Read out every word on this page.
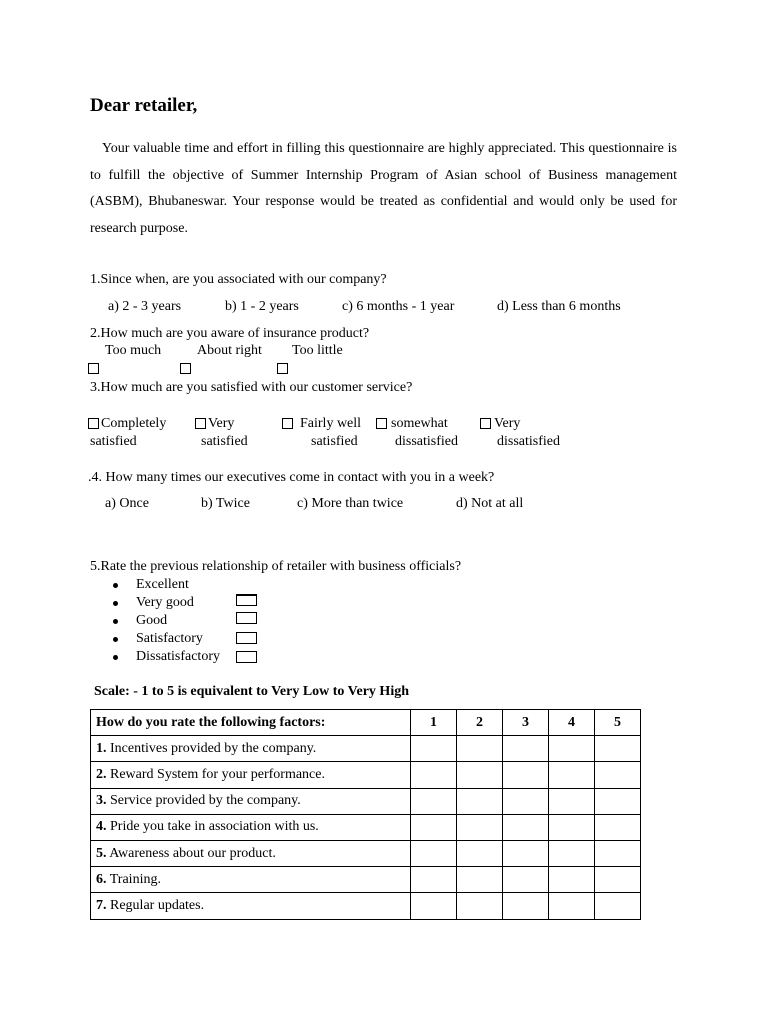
Dear retailer,
Your valuable time and effort in filling this questionnaire are highly appreciated. This questionnaire is to fulfill the objective of Summer Internship Program of Asian school of Business management (ASBM), Bhubaneswar. Your response would be treated as confidential and would only be used for research purpose.
1.Since when, are you associated with our company?
a) 2 - 3 years	b) 1 - 2 years	c) 6 months - 1 year	d) Less than 6 months
2.How much are you aware of insurance product?
Too much	About right Too little
3.How much are you satisfied with our customer service?
Completely
satisfied
Very
satisfied
Fairly well
satisfied
somewhat
dissatisfied
Very
dissatisfied
.4. How many times our executives come in contact with you in a week?
a) Once	b) Twice	c) More than twice	d) Not at all
5.Rate the previous relationship of retailer with business officials?
Excellent
Very good
Good
Satisfactory
Dissatisfactory
Scale: - 1 to 5 is equivalent to Very Low to Very High
How do you rate the following factors:	1	2	3	4	5
1. Incentives provided by the company.					
2. Reward System for your performance.					
3. Service provided by the company.					
4. Pride you take in association with us.					
5. Awareness about our product.					
6. Training.					
7. Regular updates.					
